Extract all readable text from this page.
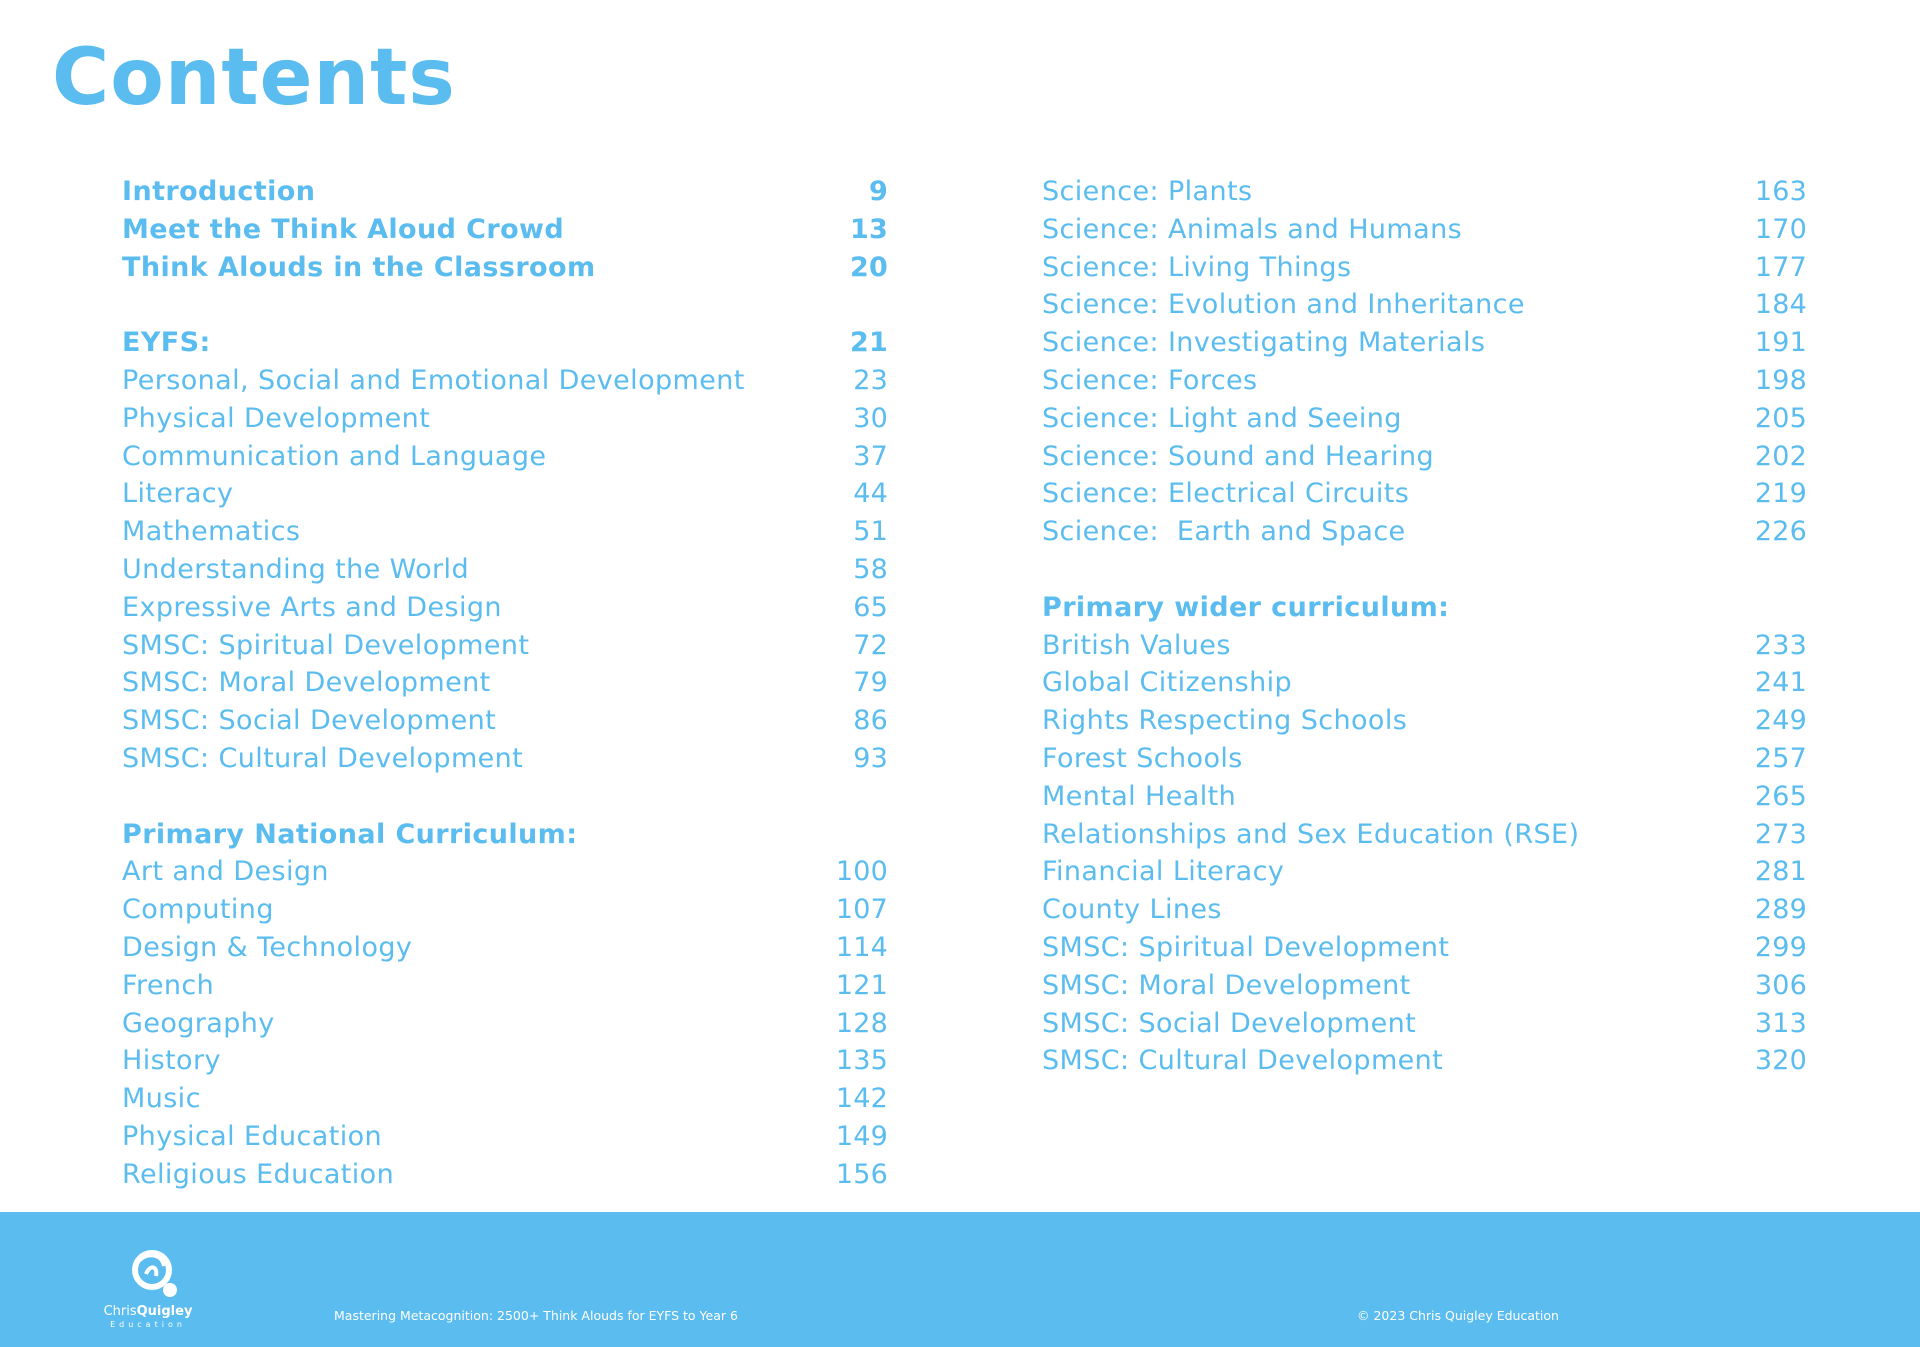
Contents
Introduction	9
Meet the Think Aloud Crowd	13
Think Alouds in the Classroom	20
EYFS:	21
Personal, Social and Emotional Development	23
Physical Development	30
Communication and Language	37
Literacy	44
Mathematics	51
Understanding the World	58
Expressive Arts and Design	65
SMSC: Spiritual Development	72
SMSC: Moral Development	79
SMSC: Social Development	86
SMSC: Cultural Development	93
Primary National Curriculum:
Art and Design	100
Computing	107
Design & Technology	114
French	121
Geography	128
History	135
Music	142
Physical Education	149
Religious Education	156
Science: Plants	163
Science: Animals and Humans	170
Science: Living Things	177
Science: Evolution and Inheritance	184
Science: Investigating Materials	191
Science: Forces	198
Science: Light and Seeing	205
Science: Sound and Hearing	202
Science: Electrical Circuits	219
Science:  Earth and Space	226
Primary wider curriculum:
British Values	233
Global Citizenship	241
Rights Respecting Schools	249
Forest Schools	257
Mental Health	265
Relationships and Sex Education (RSE)	273
Financial Literacy	281
County Lines	289
SMSC: Spiritual Development	299
SMSC: Moral Development	306
SMSC: Social Development	313
SMSC: Cultural Development	320
ChrisQuigley
Education
Mastering Metacognition: 2500+ Think Alouds for EYFS to Year 6	© 2023 Chris Quigley Education
